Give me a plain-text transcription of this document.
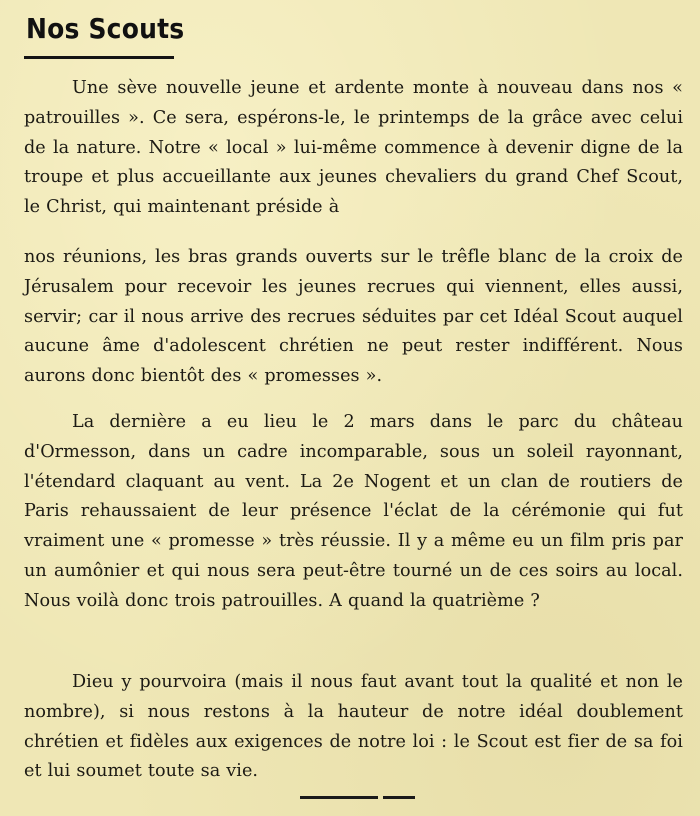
Nos Scouts

Une sève nouvelle jeune et ardente monte à nouveau dans nos « patrouilles ». Ce sera, espérons-le, le printemps de la grâce avec celui de la nature. Notre « local » lui-même commence à devenir digne de la troupe et plus accueillante aux jeunes chevaliers du grand Chef Scout, le Christ, qui maintenant préside à

nos réunions, les bras grands ouverts sur le trêfle blanc de la croix de Jérusalem pour recevoir les jeunes recrues qui viennent, elles aussi, servir; car il nous arrive des recrues séduites par cet Idéal Scout auquel aucune âme d'adolescent chrétien ne peut rester indifférent. Nous aurons donc bientôt des « promesses ».

La dernière a eu lieu le 2 mars dans le parc du château d'Ormesson, dans un cadre incomparable, sous un soleil rayonnant, l'étendard claquant au vent. La 2e Nogent et un clan de routiers de Paris rehaussaient de leur présence l'éclat de la cérémonie qui fut vraiment une « promesse » très réussie. Il y a même eu un film pris par un aumônier et qui nous sera peut-être tourné un de ces soirs au local. Nous voilà donc trois patrouilles. A quand la quatrième ?

Dieu y pourvoira (mais il nous faut avant tout la qualité et non le nombre), si nous restons à la hauteur de notre idéal doublement chrétien et fidèles aux exigences de notre loi : le Scout est fier de sa foi et lui soumet toute sa vie.
